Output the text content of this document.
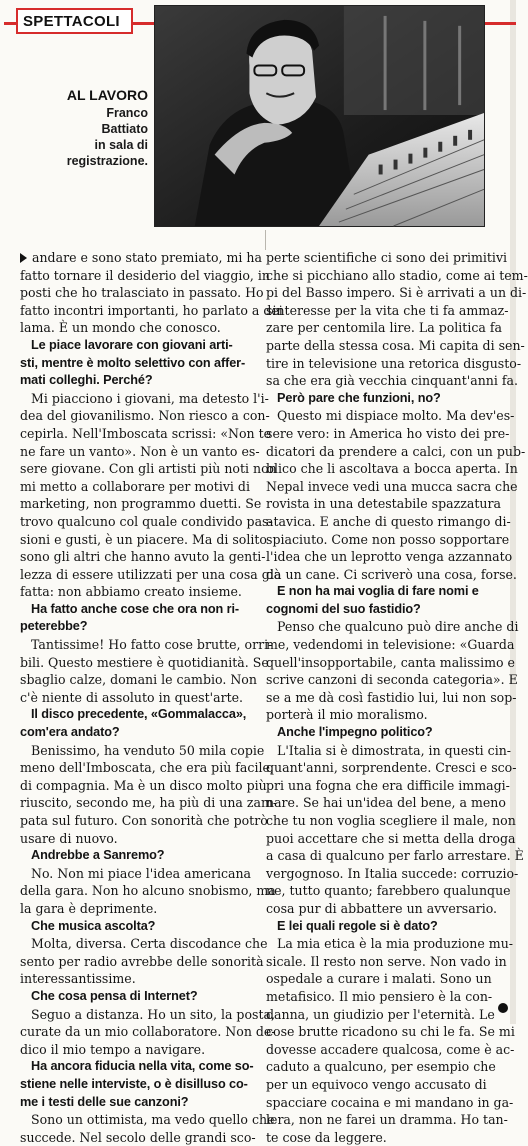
SPETTACOLI
AL LAVORO
Franco
Battiato
in sala di
registrazione.
andare e sono stato premiato, mi ha
fatto tornare il desiderio del viaggio, in
posti che ho tralasciato in passato. Ho
fatto incontri importanti, ho parlato a dei
lama. È un mondo che conosco.
Le piace lavorare con giovani arti-
sti, mentre è molto selettivo con affer-
mati colleghi. Perché?
Mi piacciono i giovani, ma detesto l'i-
dea del giovanilismo. Non riesco a con-
cepirla. Nell'Imboscata scrissi: «Non te
ne fare un vanto». Non è un vanto es-
sere giovane. Con gli artisti più noti non
mi metto a collaborare per motivi di
marketing, non programmo duetti. Se
trovo qualcuno col quale condivido pas-
sioni e gusti, è un piacere. Ma di solito
sono gli altri che hanno avuto la genti-
lezza di essere utilizzati per una cosa già
fatta: non abbiamo creato insieme.
Ha fatto anche cose che ora non ri-
peterebbe?
Tantissime! Ho fatto cose brutte, orri-
bili. Questo mestiere è quotidianità. Se
sbaglio calze, domani le cambio. Non
c'è niente di assoluto in quest'arte.
Il disco precedente, «Gommalacca»,
com'era andato?
Benissimo, ha venduto 50 mila copie
meno dell'Imboscata, che era più facile,
di compagnia. Ma è un disco molto più
riuscito, secondo me, ha più di una zam-
pata sul futuro. Con sonorità che potrò
usare di nuovo.
Andrebbe a Sanremo?
No. Non mi piace l'idea americana
della gara. Non ho alcuno snobismo, ma
la gara è deprimente.
Che musica ascolta?
Molta, diversa. Certa discodance che
sento per radio avrebbe delle sonorità
interessantissime.
Che cosa pensa di Internet?
Seguo a distanza. Ho un sito, la posta,
curate da un mio collaboratore. Non de-
dico il mio tempo a navigare.
Ha ancora fiducia nella vita, come so-
stiene nelle interviste, o è disilluso co-
me i testi delle sue canzoni?
Sono un ottimista, ma vedo quello che
succede. Nel secolo delle grandi sco-
perte scientifiche ci sono dei primitivi
che si picchiano allo stadio, come ai tem-
pi del Basso impero. Si è arrivati a un di-
sinteresse per la vita che ti fa ammaz-
zare per centomila lire. La politica fa
parte della stessa cosa. Mi capita di sen-
tire in televisione una retorica disgusto-
sa che era già vecchia cinquant'anni fa.
Però pare che funzioni, no?
Questo mi dispiace molto. Ma dev'es-
sere vero: in America ho visto dei pre-
dicatori da prendere a calci, con un pub-
blico che li ascoltava a bocca aperta. In
Nepal invece vedi una mucca sacra che
rovista in una detestabile spazzatura
atavica. E anche di questo rimango di-
spiaciuto. Come non posso sopportare
l'idea che un leprotto venga azzannato
da un cane. Ci scriverò una cosa, forse.
E non ha mai voglia di fare nomi e
cognomi del suo fastidio?
Penso che qualcuno può dire anche di
me, vedendomi in televisione: «Guarda
quell'insopportabile, canta malissimo e
scrive canzoni di seconda categoria». E
se a me dà così fastidio lui, lui non sop-
porterà il mio moralismo.
Anche l'impegno politico?
L'Italia si è dimostrata, in questi cin-
quant'anni, sorprendente. Cresci e sco-
pri una fogna che era difficile immagi-
nare. Se hai un'idea del bene, a meno
che tu non voglia scegliere il male, non
puoi accettare che si metta della droga
a casa di qualcuno per farlo arrestare. È
vergognoso. In Italia succede: corruzio-
ne, tutto quanto; farebbero qualunque
cosa pur di abbattere un avversario.
E lei quali regole si è dato?
La mia etica è la mia produzione mu-
sicale. Il resto non serve. Non vado in
ospedale a curare i malati. Sono un
metafisico. Il mio pensiero è la con-
danna, un giudizio per l'eternità. Le
cose brutte ricadono su chi le fa. Se mi
dovesse accadere qualcosa, come è ac-
caduto a qualcuno, per esempio che
per un equivoco vengo accusato di
spacciare cocaina e mi mandano in ga-
lera, non ne farei un dramma. Ho tan-
te cose da leggere.
